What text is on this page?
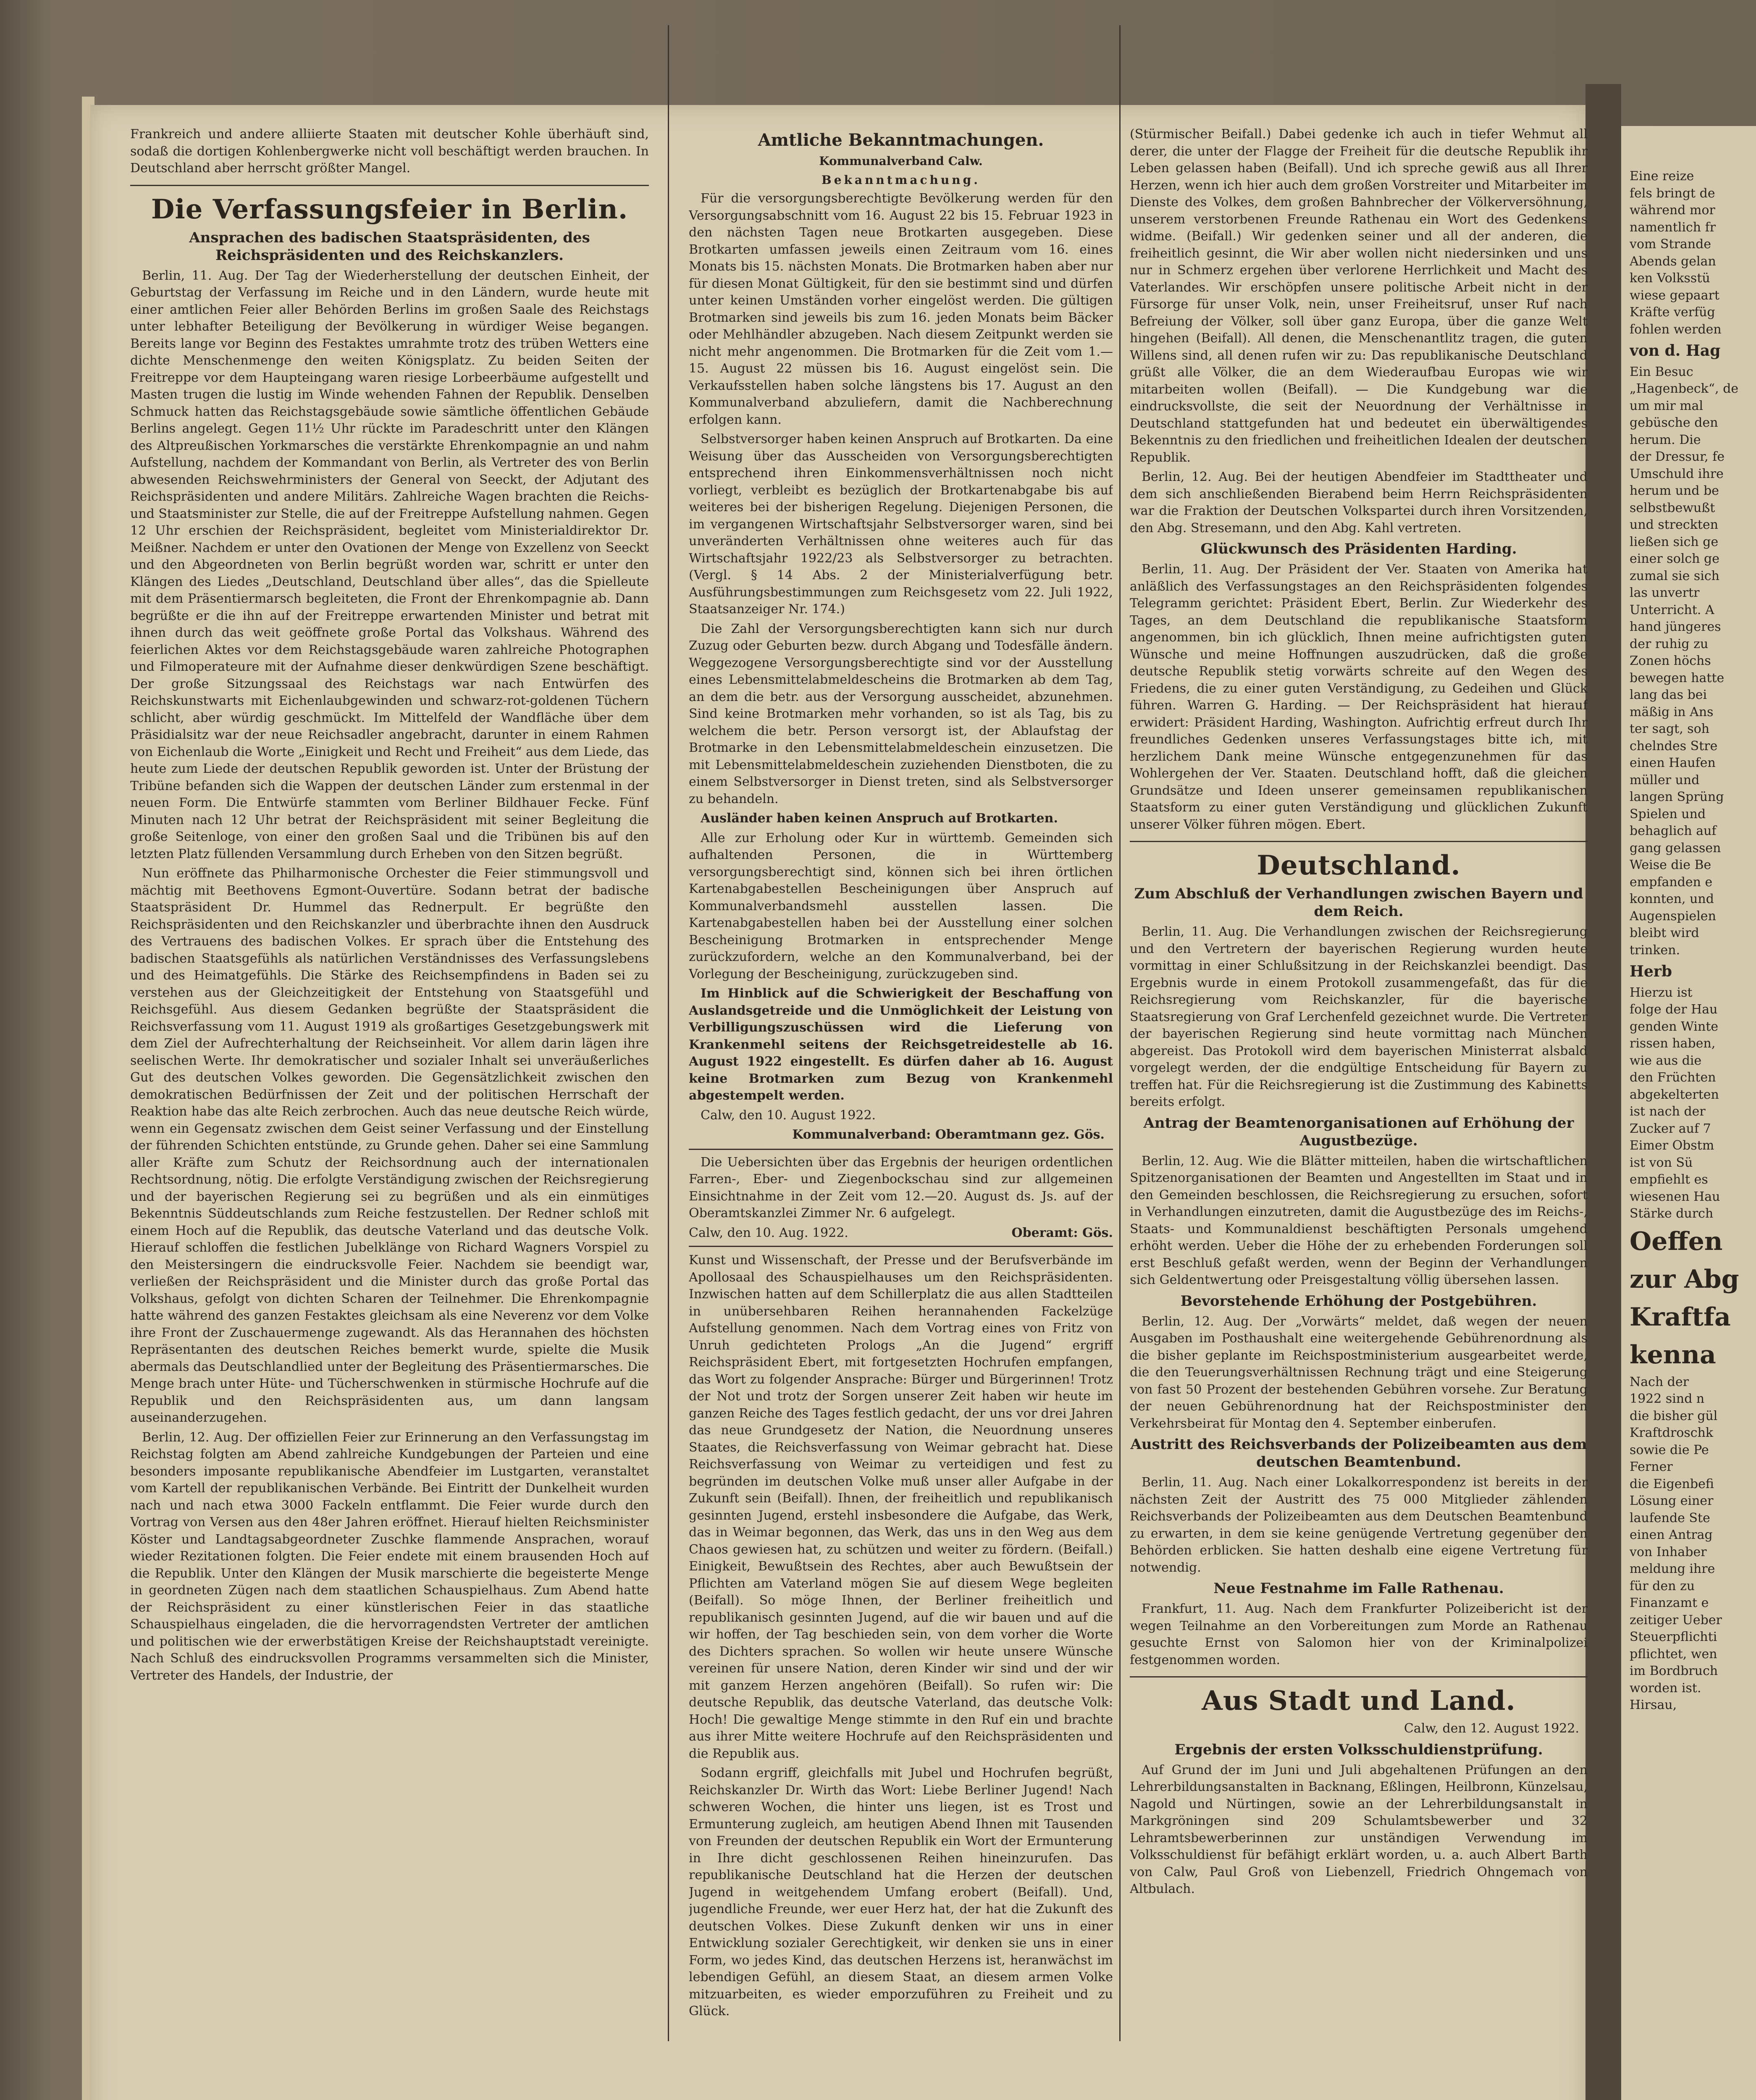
Frankreich und andere alliierte Staaten mit deutscher Kohle überhäuft sind, sodaß die dortigen Kohlenbergwerke nicht voll beschäftigt werden brauchen. In Deutschland aber herrscht größter Mangel.

Die Verfassungsfeier in Berlin.
Ansprachen des badischen Staatspräsidenten, des Reichspräsidenten und des Reichskanzlers.

Berlin, 11. Aug. Der Tag der Wiederherstellung der deutschen Einheit, der Geburtstag der Verfassung im Reiche und in den Ländern, wurde heute mit einer amtlichen Feier aller Behörden Berlins im großen Saale des Reichstags unter lebhafter Beteiligung der Bevölkerung in würdiger Weise begangen. Bereits lange vor Beginn des Festaktes umrahmte trotz des trüben Wetters eine dichte Menschenmenge den weiten Königsplatz. Zu beiden Seiten der Freitreppe vor dem Haupteingang waren riesige Lorbeerbäume aufgestellt und Masten trugen die lustig im Winde wehenden Fahnen der Republik. Denselben Schmuck hatten das Reichstagsgebäude sowie sämtliche öffentlichen Gebäude Berlins angelegt. Gegen 11½ Uhr rückte im Paradeschritt unter den Klängen des Altpreußischen Yorkmarsches die verstärkte Ehrenkompagnie an und nahm Aufstellung, nachdem der Kommandant von Berlin, als Vertreter des von Berlin abwesenden Reichswehrministers der General von Seeckt, der Adjutant des Reichspräsidenten und andere Militärs. Zahlreiche Wagen brachten die Reichs- und Staatsminister zur Stelle, die auf der Freitreppe Aufstellung nahmen. Gegen 12 Uhr erschien der Reichspräsident, begleitet vom Ministerialdirektor Dr. Meißner. Nachdem er unter den Ovationen der Menge von Exzellenz von Seeckt und den Abgeordneten von Berlin begrüßt worden war, schritt er unter den Klängen des Liedes „Deutschland, Deutschland über alles“, das die Spielleute mit dem Präsentiermarsch begleiteten, die Front der Ehrenkompagnie ab. Dann begrüßte er die ihn auf der Freitreppe erwartenden Minister und betrat mit ihnen durch das weit geöffnete große Portal das Volkshaus. Während des feierlichen Aktes vor dem Reichstagsgebäude waren zahlreiche Photographen und Filmoperateure mit der Aufnahme dieser denkwürdigen Szene beschäftigt. Der große Sitzungssaal des Reichstags war nach Entwürfen des Reichskunstwarts mit Eichenlaubgewinden und schwarz-rot-goldenen Tüchern schlicht, aber würdig geschmückt. Im Mittelfeld der Wandfläche über dem Präsidialsitz war der neue Reichsadler angebracht, darunter in einem Rahmen von Eichenlaub die Worte „Einigkeit und Recht und Freiheit“ aus dem Liede, das heute zum Liede der deutschen Republik geworden ist. Unter der Brüstung der Tribüne befanden sich die Wappen der deutschen Länder zum erstenmal in der neuen Form. Die Entwürfe stammten vom Berliner Bildhauer Fecke. Fünf Minuten nach 12 Uhr betrat der Reichspräsident mit seiner Begleitung die große Seitenloge, von einer den großen Saal und die Tribünen bis auf den letzten Platz füllenden Versammlung durch Erheben von den Sitzen begrüßt.

Nun eröffnete das Philharmonische Orchester die Feier stimmungsvoll und mächtig mit Beethovens Egmont-Ouvertüre. Sodann betrat der badische Staatspräsident Dr. Hummel das Rednerpult. Er begrüßte den Reichspräsidenten und den Reichskanzler und überbrachte ihnen den Ausdruck des Vertrauens des badischen Volkes. Er sprach über die Entstehung des badischen Staatsgefühls als natürlichen Verständnisses des Verfassungslebens und des Heimatgefühls. Die Stärke des Reichsempfindens in Baden sei zu verstehen aus der Gleichzeitigkeit der Entstehung von Staatsgefühl und Reichsgefühl. Aus diesem Gedanken begrüßte der Staatspräsident die Reichsverfassung vom 11. August 1919 als großartiges Gesetzgebungswerk mit dem Ziel der Aufrechterhaltung der Reichseinheit. Vor allem darin lägen ihre seelischen Werte. Ihr demokratischer und sozialer Inhalt sei unveräußerliches Gut des deutschen Volkes geworden. Die Gegensätzlichkeit zwischen den demokratischen Bedürfnissen der Zeit und der politischen Herrschaft der Reaktion habe das alte Reich zerbrochen. Auch das neue deutsche Reich würde, wenn ein Gegensatz zwischen dem Geist seiner Verfassung und der Einstellung der führenden Schichten entstünde, zu Grunde gehen. Daher sei eine Sammlung aller Kräfte zum Schutz der Reichsordnung auch der internationalen Rechtsordnung, nötig. Die erfolgte Verständigung zwischen der Reichsregierung und der bayerischen Regierung sei zu begrüßen und als ein einmütiges Bekenntnis Süddeutschlands zum Reiche festzustellen. Der Redner schloß mit einem Hoch auf die Republik, das deutsche Vaterland und das deutsche Volk. Hierauf schloffen die festlichen Jubelklänge von Richard Wagners Vorspiel zu den Meistersingern die eindrucksvolle Feier. Nachdem sie beendigt war, verließen der Reichspräsident und die Minister durch das große Portal das Volkshaus, gefolgt von dichten Scharen der Teilnehmer. Die Ehrenkompagnie hatte während des ganzen Festaktes gleichsam als eine Neverenz vor dem Volke ihre Front der Zuschauermenge zugewandt. Als das Herannahen des höchsten Repräsentanten des deutschen Reiches bemerkt wurde, spielte die Musik abermals das Deutschlandlied unter der Begleitung des Präsentiermarsches. Die Menge brach unter Hüte- und Tücherschwenken in stürmische Hochrufe auf die Republik und den Reichspräsidenten aus, um dann langsam auseinanderzugehen.

Berlin, 12. Aug. Der offiziellen Feier zur Erinnerung an den Verfassungstag im Reichstag folgten am Abend zahlreiche Kundgebungen der Parteien und eine besonders imposante republikanische Abendfeier im Lustgarten, veranstaltet vom Kartell der republikanischen Verbände. Bei Eintritt der Dunkelheit wurden nach und nach etwa 3000 Fackeln entflammt. Die Feier wurde durch den Vortrag von Versen aus den 48er Jahren eröffnet. Hierauf hielten Reichsminister Köster und Landtagsabgeordneter Zuschke flammende Ansprachen, worauf wieder Rezitationen folgten. Die Feier endete mit einem brausenden Hoch auf die Republik. Unter den Klängen der Musik marschierte die begeisterte Menge in geordneten Zügen nach dem staatlichen Schauspielhaus. Zum Abend hatte der Reichspräsident zu einer künstlerischen Feier in das staatliche Schauspielhaus eingeladen, die die hervorragendsten Vertreter der amtlichen und politischen wie der erwerbstätigen Kreise der Reichshauptstadt vereinigte. Nach Schluß des eindrucksvollen Programms versammelten sich die Minister, Vertreter des Handels, der Industrie, der

Amtliche Bekanntmachungen.
Kommunalverband Calw.
Bekanntmachung.

Für die versorgungsberechtigte Bevölkerung werden für den Versorgungsabschnitt vom 16. August 22 bis 15. Februar 1923 in den nächsten Tagen neue Brotkarten ausgegeben. Diese Brotkarten umfassen jeweils einen Zeitraum vom 16. eines Monats bis 15. nächsten Monats. Die Brotmarken haben aber nur für diesen Monat Gültigkeit, für den sie bestimmt sind und dürfen unter keinen Umständen vorher eingelöst werden. Die gültigen Brotmarken sind jeweils bis zum 16. jeden Monats beim Bäcker oder Mehlhändler abzugeben. Nach diesem Zeitpunkt werden sie nicht mehr angenommen. Die Brotmarken für die Zeit vom 1.—15. August 22 müssen bis 16. August eingelöst sein. Die Verkaufsstellen haben solche längstens bis 17. August an den Kommunalverband abzuliefern, damit die Nachberechnung erfolgen kann.

Selbstversorger haben keinen Anspruch auf Brotkarten. Da eine Weisung über das Ausscheiden von Versorgungsberechtigten entsprechend ihren Einkommensverhältnissen noch nicht vorliegt, verbleibt es bezüglich der Brotkartenabgabe bis auf weiteres bei der bisherigen Regelung. Diejenigen Personen, die im vergangenen Wirtschaftsjahr Selbstversorger waren, sind bei unveränderten Verhältnissen ohne weiteres auch für das Wirtschaftsjahr 1922/23 als Selbstversorger zu betrachten. (Vergl. § 14 Abs. 2 der Ministerialverfügung betr. Ausführungsbestimmungen zum Reichsgesetz vom 22. Juli 1922, Staatsanzeiger Nr. 174.)

Die Zahl der Versorgungsberechtigten kann sich nur durch Zuzug oder Geburten bezw. durch Abgang und Todesfälle ändern. Weggezogene Versorgungsberechtigte sind vor der Ausstellung eines Lebensmittelabmeldescheins die Brotmarken ab dem Tag, an dem die betr. aus der Versorgung ausscheidet, abzunehmen. Sind keine Brotmarken mehr vorhanden, so ist als Tag, bis zu welchem die betr. Person versorgt ist, der Ablaufstag der Brotmarke in den Lebensmittelabmeldeschein einzusetzen. Die mit Lebensmittelabmeldeschein zuziehenden Dienstboten, die zu einem Selbstversorger in Dienst treten, sind als Selbstversorger zu behandeln.

Ausländer haben keinen Anspruch auf Brotkarten.

Alle zur Erholung oder Kur in württemb. Gemeinden sich aufhaltenden Personen, die in Württemberg versorgungsberechtigt sind, können sich bei ihren örtlichen Kartenabgabestellen Bescheinigungen über Anspruch auf Kommunalverbandsmehl ausstellen lassen. Die Kartenabgabestellen haben bei der Ausstellung einer solchen Bescheinigung Brotmarken in entsprechender Menge zurückzufordern, welche an den Kommunalverband, bei der Vorlegung der Bescheinigung, zurückzugeben sind.

Im Hinblick auf die Schwierigkeit der Beschaffung von Auslandsgetreide und die Unmöglichkeit der Leistung von Verbilligungszuschüssen wird die Lieferung von Krankenmehl seitens der Reichsgetreidestelle ab 16. August 1922 eingestellt. Es dürfen daher ab 16. August keine Brotmarken zum Bezug von Krankenmehl abgestempelt werden.

Calw, den 10. August 1922.

Kommunalverband: Oberamtmann gez. Gös.

Die Uebersichten über das Ergebnis der heurigen ordentlichen Farren-, Eber- und Ziegenbockschau sind zur allgemeinen Einsichtnahme in der Zeit vom 12.—20. August ds. Js. auf der Oberamtskanzlei Zimmer Nr. 6 aufgelegt.

Calw, den 10. Aug. 1922.	Oberamt: Gös.

Kunst und Wissenschaft, der Presse und der Berufsverbände im Apollosaal des Schauspielhauses um den Reichspräsidenten. Inzwischen hatten auf dem Schillerplatz die aus allen Stadtteilen in unübersehbaren Reihen herannahenden Fackelzüge Aufstellung genommen. Nach dem Vortrag eines von Fritz von Unruh gedichteten Prologs „An die Jugend“ ergriff Reichspräsident Ebert, mit fortgesetzten Hochrufen empfangen, das Wort zu folgender Ansprache: Bürger und Bürgerinnen! Trotz der Not und trotz der Sorgen unserer Zeit haben wir heute im ganzen Reiche des Tages festlich gedacht, der uns vor drei Jahren das neue Grundgesetz der Nation, die Neuordnung unseres Staates, die Reichsverfassung von Weimar gebracht hat. Diese Reichsverfassung von Weimar zu verteidigen und fest zu begründen im deutschen Volke muß unser aller Aufgabe in der Zukunft sein (Beifall). Ihnen, der freiheitlich und republikanisch gesinnten Jugend, erstehl insbesondere die Aufgabe, das Werk, das in Weimar begonnen, das Werk, das uns in den Weg aus dem Chaos gewiesen hat, zu schützen und weiter zu fördern. (Beifall.) Einigkeit, Bewußtsein des Rechtes, aber auch Bewußtsein der Pflichten am Vaterland mögen Sie auf diesem Wege begleiten (Beifall). So möge Ihnen, der Berliner freiheitlich und republikanisch gesinnten Jugend, auf die wir bauen und auf die wir hoffen, der Tag beschieden sein, von dem vorher die Worte des Dichters sprachen. So wollen wir heute unsere Wünsche vereinen für unsere Nation, deren Kinder wir sind und der wir mit ganzem Herzen angehören (Beifall). So rufen wir: Die deutsche Republik, das deutsche Vaterland, das deutsche Volk: Hoch! Die gewaltige Menge stimmte in den Ruf ein und brachte aus ihrer Mitte weitere Hochrufe auf den Reichspräsidenten und die Republik aus.

Sodann ergriff, gleichfalls mit Jubel und Hochrufen begrüßt, Reichskanzler Dr. Wirth das Wort: Liebe Berliner Jugend! Nach schweren Wochen, die hinter uns liegen, ist es Trost und Ermunterung zugleich, am heutigen Abend Ihnen mit Tausenden von Freunden der deutschen Republik ein Wort der Ermunterung in Ihre dicht geschlossenen Reihen hineinzurufen. Das republikanische Deutschland hat die Herzen der deutschen Jugend in weitgehendem Umfang erobert (Beifall). Und, jugendliche Freunde, wer euer Herz hat, der hat die Zukunft des deutschen Volkes. Diese Zukunft denken wir uns in einer Entwicklung sozialer Gerechtigkeit, wir denken sie uns in einer Form, wo jedes Kind, das deutschen Herzens ist, heranwächst im lebendigen Gefühl, an diesem Staat, an diesem armen Volke mitzuarbeiten, es wieder emporzuführen zu Freiheit und zu Glück.

(Stürmischer Beifall.) Dabei gedenke ich auch in tiefer Wehmut all derer, die unter der Flagge der Freiheit für die deutsche Republik ihr Leben gelassen haben (Beifall). Und ich spreche gewiß aus all Ihrer Herzen, wenn ich hier auch dem großen Vorstreiter und Mitarbeiter im Dienste des Volkes, dem großen Bahnbrecher der Völkerversöhnung, unserem verstorbenen Freunde Rathenau ein Wort des Gedenkens widme. (Beifall.) Wir gedenken seiner und all der anderen, die freiheitlich gesinnt, die Wir aber wollen nicht niedersinken und uns nur in Schmerz ergehen über verlorene Herrlichkeit und Macht des Vaterlandes. Wir erschöpfen unsere politische Arbeit nicht in der Fürsorge für unser Volk, nein, unser Freiheitsruf, unser Ruf nach Befreiung der Völker, soll über ganz Europa, über die ganze Welt hingehen (Beifall). All denen, die Menschenantlitz tragen, die guten Willens sind, all denen rufen wir zu: Das republikanische Deutschland grüßt alle Völker, die an dem Wiederaufbau Europas wie wir mitarbeiten wollen (Beifall). — Die Kundgebung war die eindrucksvollste, die seit der Neuordnung der Verhältnisse in Deutschland stattgefunden hat und bedeutet ein überwältigendes Bekenntnis zu den friedlichen und freiheitlichen Idealen der deutschen Republik.

Berlin, 12. Aug. Bei der heutigen Abendfeier im Stadttheater und dem sich anschließenden Bierabend beim Herrn Reichspräsidenten war die Fraktion der Deutschen Volkspartei durch ihren Vorsitzenden, den Abg. Stresemann, und den Abg. Kahl vertreten.

Glückwunsch des Präsidenten Harding.

Berlin, 11. Aug. Der Präsident der Ver. Staaten von Amerika hat anläßlich des Verfassungstages an den Reichspräsidenten folgendes Telegramm gerichtet: Präsident Ebert, Berlin. Zur Wiederkehr des Tages, an dem Deutschland die republikanische Staatsform angenommen, bin ich glücklich, Ihnen meine aufrichtigsten guten Wünsche und meine Hoffnungen auszudrücken, daß die große deutsche Republik stetig vorwärts schreite auf den Wegen des Friedens, die zu einer guten Verständigung, zu Gedeihen und Glück führen. Warren G. Harding. — Der Reichspräsident hat hierauf erwidert: Präsident Harding, Washington. Aufrichtig erfreut durch Ihr freundliches Gedenken unseres Verfassungstages bitte ich, mit herzlichem Dank meine Wünsche entgegenzunehmen für das Wohlergehen der Ver. Staaten. Deutschland hofft, daß die gleichen Grundsätze und Ideen unserer gemeinsamen republikanischen Staatsform zu einer guten Verständigung und glücklichen Zukunft unserer Völker führen mögen. Ebert.

Deutschland.
Zum Abschluß der Verhandlungen zwischen Bayern und dem Reich.

Berlin, 11. Aug. Die Verhandlungen zwischen der Reichsregierung und den Vertretern der bayerischen Regierung wurden heute vormittag in einer Schlußsitzung in der Reichskanzlei beendigt. Das Ergebnis wurde in einem Protokoll zusammengefaßt, das für die Reichsregierung vom Reichskanzler, für die bayerische Staatsregierung von Graf Lerchenfeld gezeichnet wurde. Die Vertreter der bayerischen Regierung sind heute vormittag nach München abgereist. Das Protokoll wird dem bayerischen Ministerrat alsbald vorgelegt werden, der die endgültige Entscheidung für Bayern zu treffen hat. Für die Reichsregierung ist die Zustimmung des Kabinetts bereits erfolgt.

Antrag der Beamtenorganisationen auf Erhöhung der Augustbezüge.

Berlin, 12. Aug. Wie die Blätter mitteilen, haben die wirtschaftlichen Spitzenorganisationen der Beamten und Angestellten im Staat und in den Gemeinden beschlossen, die Reichsregierung zu ersuchen, sofort in Verhandlungen einzutreten, damit die Augustbezüge des im Reichs-, Staats- und Kommunaldienst beschäftigten Personals umgehend erhöht werden. Ueber die Höhe der zu erhebenden Forderungen soll erst Beschluß gefaßt werden, wenn der Beginn der Verhandlungen sich Geldentwertung oder Preisgestaltung völlig übersehen lassen.

Bevorstehende Erhöhung der Postgebühren.

Berlin, 12. Aug. Der „Vorwärts“ meldet, daß wegen der neuen Ausgaben im Posthaushalt eine weitergehende Gebührenordnung als die bisher geplante im Reichspostministerium ausgearbeitet werde, die den Teuerungsverhältnissen Rechnung trägt und eine Steigerung von fast 50 Prozent der bestehenden Gebühren vorsehe. Zur Beratung der neuen Gebührenordnung hat der Reichspostminister den Verkehrsbeirat für Montag den 4. September einberufen.

Austritt des Reichsverbands der Polizeibeamten aus dem deutschen Beamtenbund.

Berlin, 11. Aug. Nach einer Lokalkorrespondenz ist bereits in der nächsten Zeit der Austritt des 75 000 Mitglieder zählenden Reichsverbands der Polizeibeamten aus dem Deutschen Beamtenbund zu erwarten, in dem sie keine genügende Vertretung gegenüber den Behörden erblicken. Sie hatten deshalb eine eigene Vertretung für notwendig.

Neue Festnahme im Falle Rathenau.

Frankfurt, 11. Aug. Nach dem Frankfurter Polizeibericht ist der wegen Teilnahme an den Vorbereitungen zum Morde an Rathenau gesuchte Ernst von Salomon hier von der Kriminalpolizei festgenommen worden.

Aus Stadt und Land.

Calw, den 12. August 1922.

Ergebnis der ersten Volksschuldienstprüfung.

Auf Grund der im Juni und Juli abgehaltenen Prüfungen an den Lehrerbildungsanstalten in Backnang, Eßlingen, Heilbronn, Künzelsau, Nagold und Nürtingen, sowie an der Lehrerbildungsanstalt in Markgröningen sind 209 Schulamtsbewerber und 32 Lehramtsbewerberinnen zur unständigen Verwendung im Volksschuldienst für befähigt erklärt worden, u. a. auch Albert Barth von Calw, Paul Groß von Liebenzell, Friedrich Ohngemach von Altbulach.

Eine reize
fels bringt de
während mor
namentlich fr
vom Strande
Abends gelan
ken Volksstü
wiese gepaart
Kräfte verfüg
fohlen werden
von d. Hag
Ein Besuc
„Hagenbeck“, de
um mir mal
gebüsche den
herum. Die
der Dressur, fe
Umschuld ihre
herum und be
selbstbewußt
und streckten
ließen sich ge
einer solch ge
zumal sie sich
las unvertr
Unterricht. A
hand jüngeres
der ruhig zu
Zonen höchs
bewegen hatte
lang das bei
mäßig in Ans
ter sagt, soh
chelndes Stre
einen Haufen
müller und
langen Sprüng
Spielen und
behaglich auf
gang gelassen
Weise die Be
empfanden e
konnten, und
Augenspielen
bleibt wird
trinken.
Herb
Hierzu ist
folge der Hau
genden Winte
rissen haben,
wie aus die
den Früchten
abgekelterten
ist nach der
Zucker auf 7
Eimer Obstm
ist von Sü
empfiehlt es
wiesenen Hau
Stärke durch
Oeffen
zur Abg
Kraftfa
kenna
Nach der
1922 sind n
die bisher gül
Kraftdroschk
sowie die Pe
Ferner
die Eigenbefi
Lösung einer
laufende Ste
einen Antrag
von Inhaber
meldung ihre
für den zu
Finanzamt e
zeitiger Ueber
Steuerpflichti
pflichtet, wen
im Bordbruch
worden ist.
Hirsau,
